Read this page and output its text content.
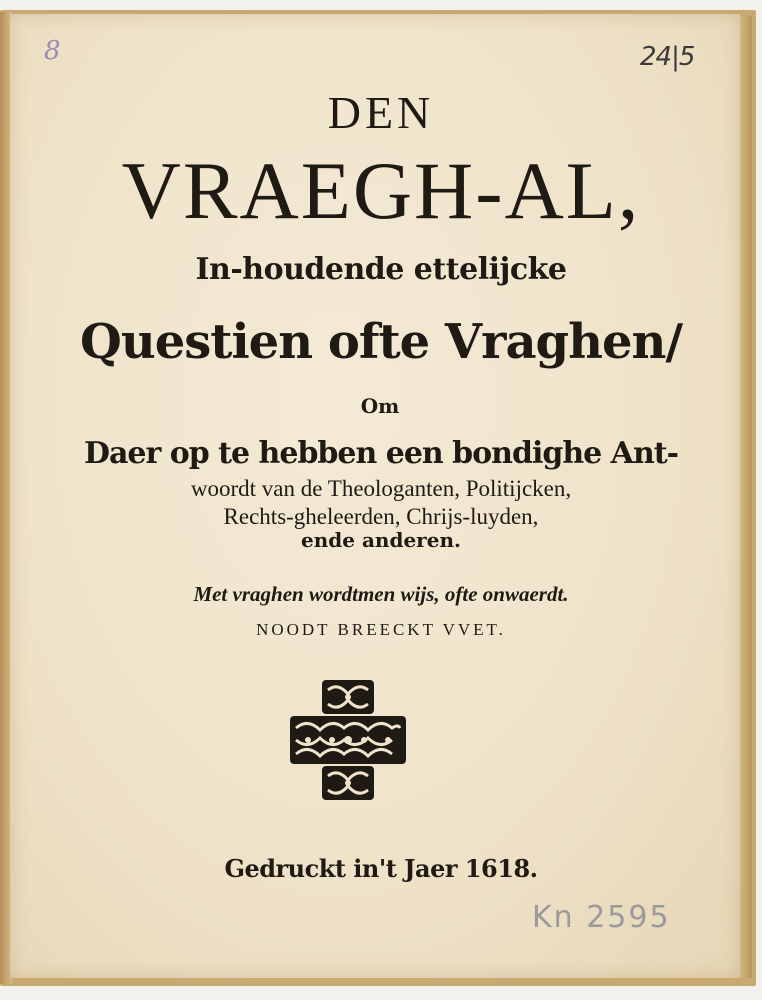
8	24|5
DEN
VRAEGH-AL,
In-houdende ettelijcke
Questien ofte Vraghen/
Om
Daer op te hebben een bondighe Ant-
woordt van de Theologanten, Politijcken,
Rechts-gheleerden, Chrijs-luyden,
ende anderen.
Met vraghen wordtmen wijs, ofte onwaerdt.
NOODT BREECKT VVET.
Gedruckt in't Jaer 1618.
Kn 2595
